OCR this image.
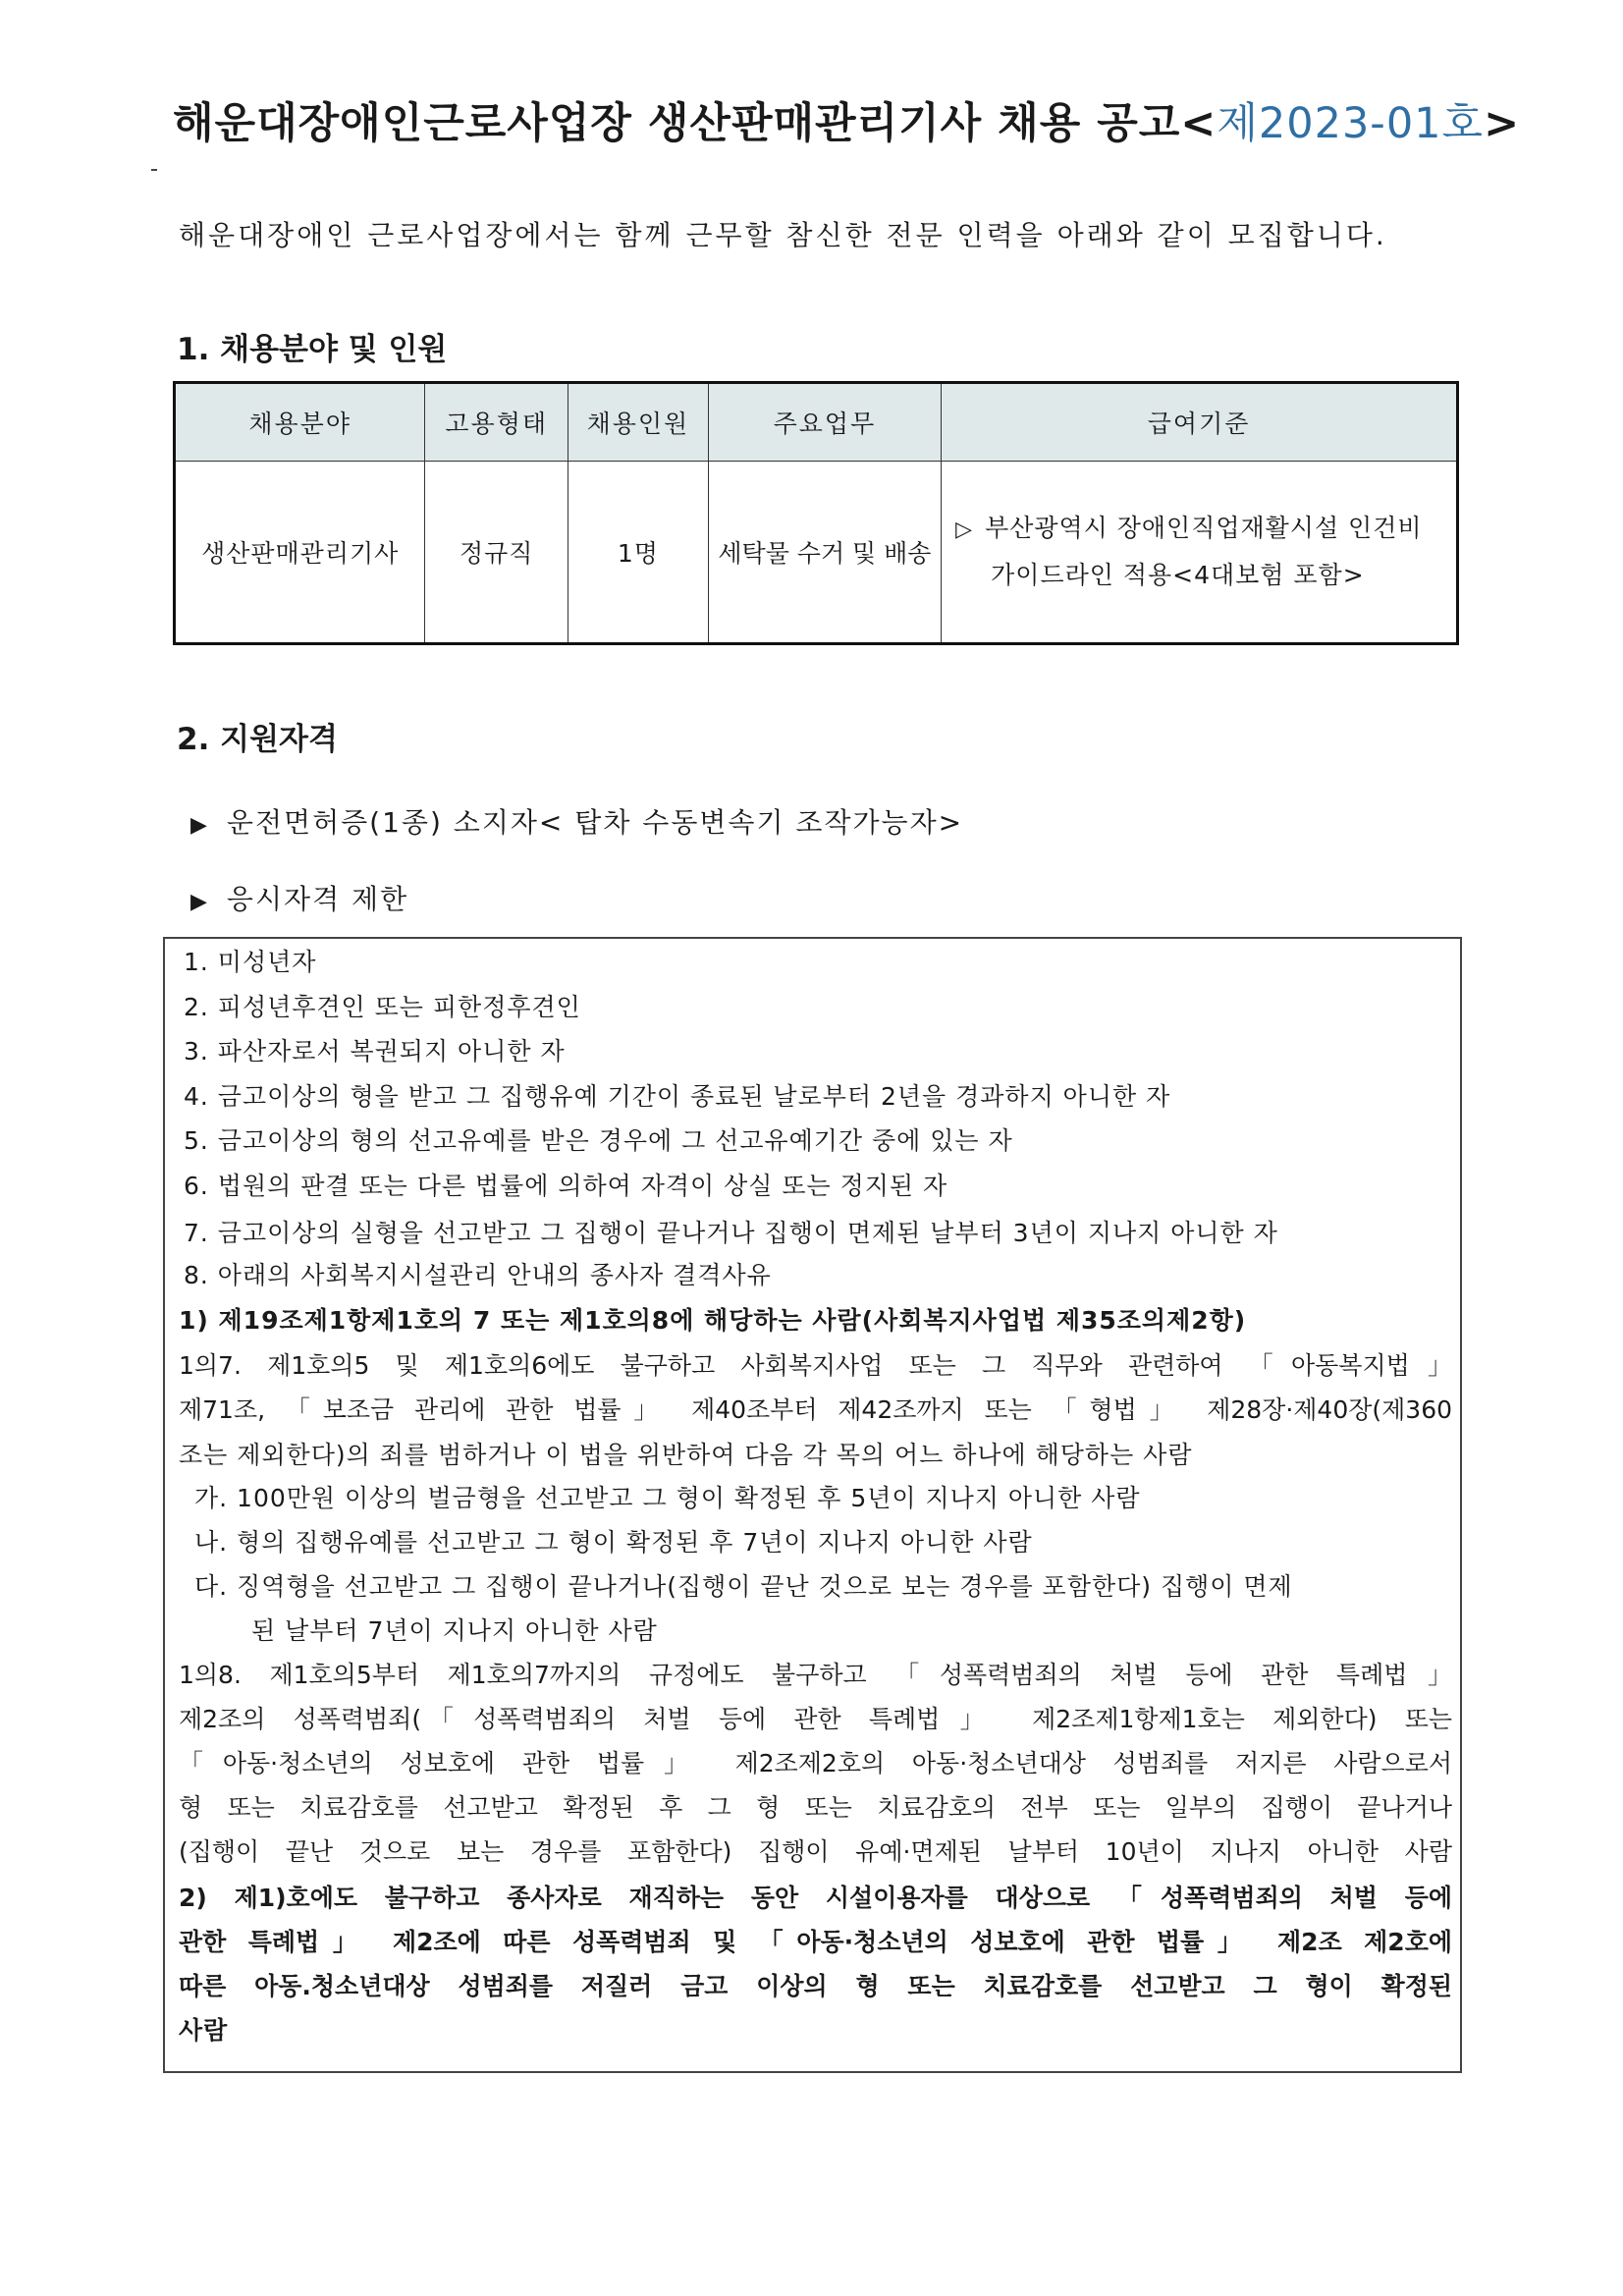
해운대장애인근로사업장 생산판매관리기사 채용 공고<제2023-01호>
해운대장애인 근로사업장에서는 함께 근무할 참신한 전문 인력을 아래와 같이 모집합니다.
1. 채용분야 및 인원
채용분야	고용형태	채용인원	주요업무	급여기준
생산판매관리기사	정규직	1명	세탁물 수거 및 배송	▷ 부산광역시 장애인직업재활시설 인건비
가이드라인 적용<4대보험 포함>
2. 지원자격
▶ 운전면허증(1종) 소지자< 탑차 수동변속기 조작가능자>
▶ 응시자격 제한
1. 미성년자
2. 피성년후견인 또는 피한정후견인
3. 파산자로서 복권되지 아니한 자
4. 금고이상의 형을 받고 그 집행유예 기간이 종료된 날로부터 2년을 경과하지 아니한 자
5. 금고이상의 형의 선고유예를 받은 경우에 그 선고유예기간 중에 있는 자
6. 법원의 판결 또는 다른 법률에 의하여 자격이 상실 또는 정지된 자
7. 금고이상의 실형을 선고받고 그 집행이 끝나거나 집행이 면제된 날부터 3년이 지나지 아니한 자
8. 아래의 사회복지시설관리 안내의 종사자 결격사유
1) 제19조제1항제1호의 7 또는 제1호의8에 해당하는 사람(사회복지사업법 제35조의제2항)
1의7. 제1호의5 및 제1호의6에도 불구하고 사회복지사업 또는 그 직무와 관련하여 「아동복지법」
제71조, 「보조금 관리에 관한 법률」 제40조부터 제42조까지 또는 「형법」 제28장·제40장(제360
조는 제외한다)의 죄를 범하거나 이 법을 위반하여 다음 각 목의 어느 하나에 해당하는 사람
가. 100만원 이상의 벌금형을 선고받고 그 형이 확정된 후 5년이 지나지 아니한 사람
나. 형의 집행유예를 선고받고 그 형이 확정된 후 7년이 지나지 아니한 사람
다. 징역형을 선고받고 그 집행이 끝나거나(집행이 끝난 것으로 보는 경우를 포함한다) 집행이 면제
된 날부터 7년이 지나지 아니한 사람
1의8. 제1호의5부터 제1호의7까지의 규정에도 불구하고 「성폭력범죄의 처벌 등에 관한 특례법」
제2조의 성폭력범죄(「성폭력범죄의 처벌 등에 관한 특례법」 제2조제1항제1호는 제외한다) 또는
「아동·청소년의 성보호에 관한 법률」 제2조제2호의 아동·청소년대상 성범죄를 저지른 사람으로서
형 또는 치료감호를 선고받고 확정된 후 그 형 또는 치료감호의 전부 또는 일부의 집행이 끝나거나
(집행이 끝난 것으로 보는 경우를 포함한다) 집행이 유예·면제된 날부터 10년이 지나지 아니한 사람
2) 제1)호에도 불구하고 종사자로 재직하는 동안 시설이용자를 대상으로 「성폭력범죄의 처벌 등에
관한 특례법」 제2조에 따른 성폭력범죄 및 「아동·청소년의 성보호에 관한 법률」 제2조 제2호에
따른 아동.청소년대상 성범죄를 저질러 금고 이상의 형 또는 치료감호를 선고받고 그 형이 확정된
사람
